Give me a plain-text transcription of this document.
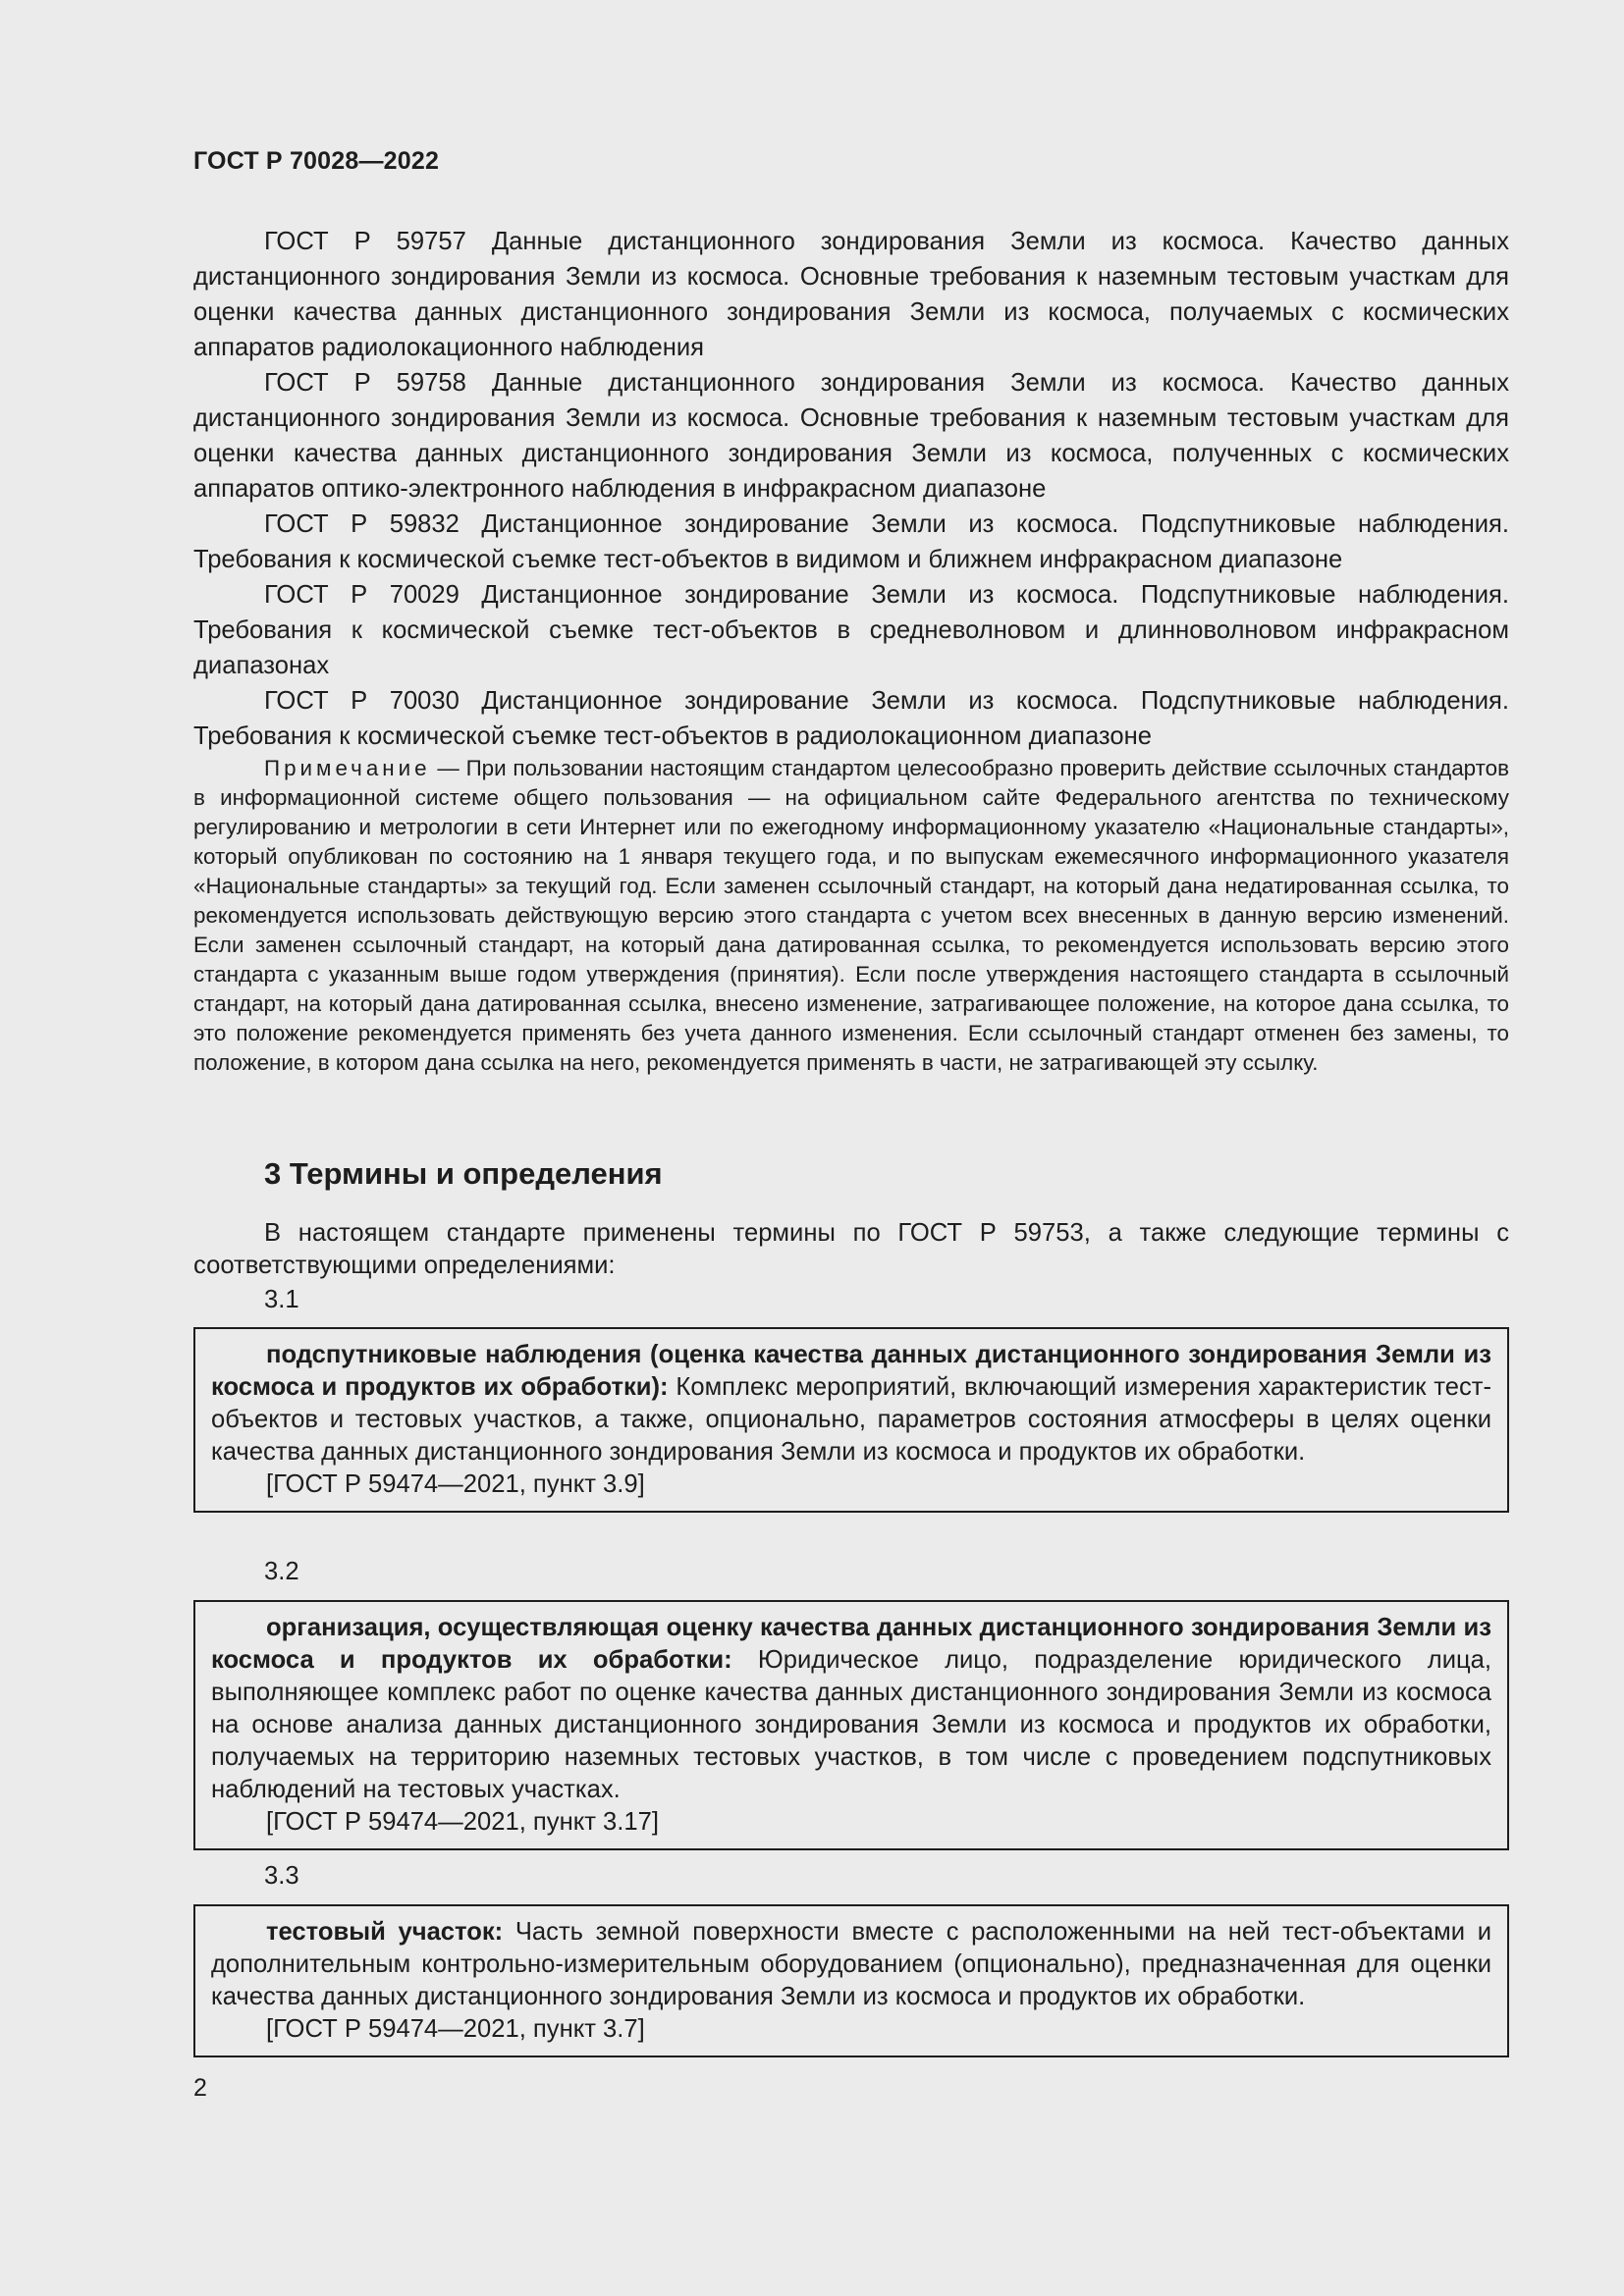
ГОСТ Р 70028—2022

ГОСТ Р 59757 Данные дистанционного зондирования Земли из космоса. Качество данных дистанционного зондирования Земли из космоса. Основные требования к наземным тестовым участкам для оценки качества данных дистанционного зондирования Земли из космоса, получаемых с космических аппаратов радиолокационного наблюдения

ГОСТ Р 59758 Данные дистанционного зондирования Земли из космоса. Качество данных дистанционного зондирования Земли из космоса. Основные требования к наземным тестовым участкам для оценки качества данных дистанционного зондирования Земли из космоса, полученных с космических аппаратов оптико-электронного наблюдения в инфракрасном диапазоне

ГОСТ Р 59832 Дистанционное зондирование Земли из космоса. Подспутниковые наблюдения. Требования к космической съемке тест-объектов в видимом и ближнем инфракрасном диапазоне

ГОСТ Р 70029 Дистанционное зондирование Земли из космоса. Подспутниковые наблюдения. Требования к космической съемке тест-объектов в средневолновом и длинноволновом инфракрасном диапазонах

ГОСТ Р 70030 Дистанционное зондирование Земли из космоса. Подспутниковые наблюдения. Требования к космической съемке тест-объектов в радиолокационном диапазоне

Примечание — При пользовании настоящим стандартом целесообразно проверить действие ссылочных стандартов в информационной системе общего пользования — на официальном сайте Федерального агентства по техническому регулированию и метрологии в сети Интернет или по ежегодному информационному указателю «Национальные стандарты», который опубликован по состоянию на 1 января текущего года, и по выпускам ежемесячного информационного указателя «Национальные стандарты» за текущий год. Если заменен ссылочный стандарт, на который дана недатированная ссылка, то рекомендуется использовать действующую версию этого стандарта с учетом всех внесенных в данную версию изменений. Если заменен ссылочный стандарт, на который дана датированная ссылка, то рекомендуется использовать версию этого стандарта с указанным выше годом утверждения (принятия). Если после утверждения настоящего стандарта в ссылочный стандарт, на который дана датированная ссылка, внесено изменение, затрагивающее положение, на которое дана ссылка, то это положение рекомендуется применять без учета данного изменения. Если ссылочный стандарт отменен без замены, то положение, в котором дана ссылка на него, рекомендуется применять в части, не затрагивающей эту ссылку.
3 Термины и определения

В настоящем стандарте применены термины по ГОСТ Р 59753, а также следующие термины с соответствующими определениями:

3.1

подспутниковые наблюдения (оценка качества данных дистанционного зондирования Земли из космоса и продуктов их обработки): Комплекс мероприятий, включающий измерения характеристик тест-объектов и тестовых участков, а также, опционально, параметров состояния атмосферы в целях оценки качества данных дистанционного зондирования Земли из космоса и продуктов их обработки.

[ГОСТ Р 59474—2021, пункт 3.9]

3.2

организация, осуществляющая оценку качества данных дистанционного зондирования Земли из космоса и продуктов их обработки: Юридическое лицо, подразделение юридического лица, выполняющее комплекс работ по оценке качества данных дистанционного зондирования Земли из космоса на основе анализа данных дистанционного зондирования Земли из космоса и продуктов их обработки, получаемых на территорию наземных тестовых участков, в том числе с проведением подспутниковых наблюдений на тестовых участках.

[ГОСТ Р 59474—2021, пункт 3.17]

3.3

тестовый участок: Часть земной поверхности вместе с расположенными на ней тест-объектами и дополнительным контрольно-измерительным оборудованием (опционально), предназначенная для оценки качества данных дистанционного зондирования Земли из космоса и продуктов их обработки.

[ГОСТ Р 59474—2021, пункт 3.7]

2
